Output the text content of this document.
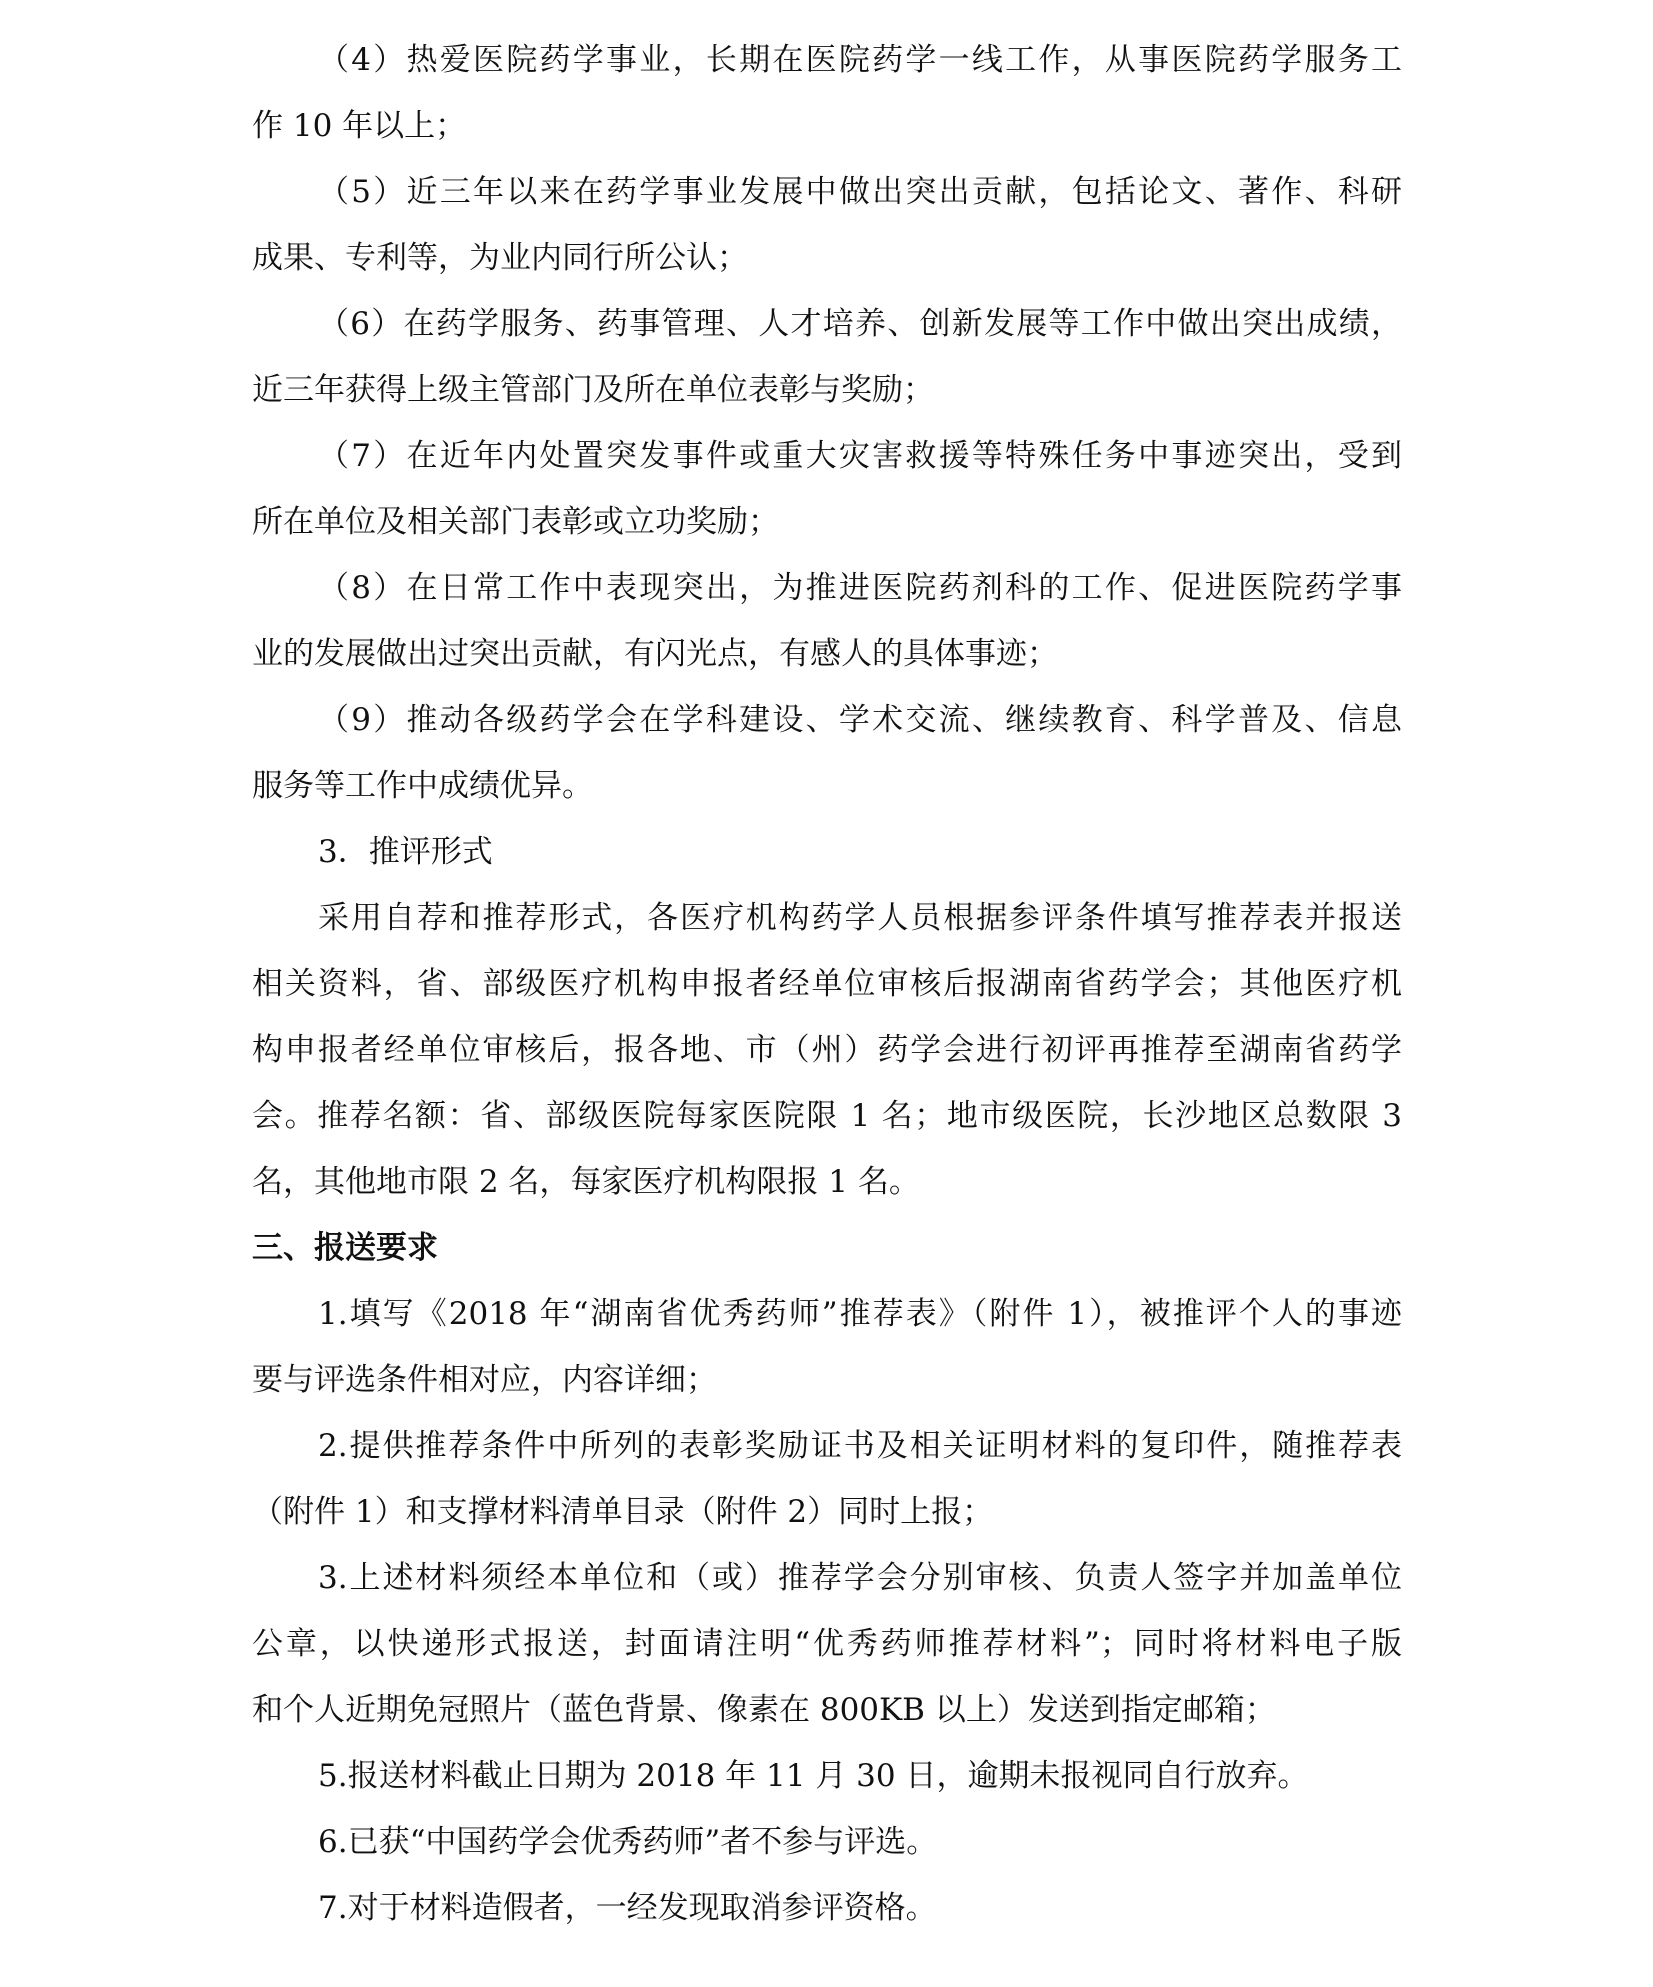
（4）热爱医院药学事业，长期在医院药学一线工作，从事医院药学服务工
作 10 年以上；
（5）近三年以来在药学事业发展中做出突出贡献，包括论文、著作、科研
成果、专利等，为业内同行所公认；
（6）在药学服务、药事管理、人才培养、创新发展等工作中做出突出成绩，
近三年获得上级主管部门及所在单位表彰与奖励；
（7）在近年内处置突发事件或重大灾害救援等特殊任务中事迹突出，受到
所在单位及相关部门表彰或立功奖励；
（8）在日常工作中表现突出，为推进医院药剂科的工作、促进医院药学事
业的发展做出过突出贡献，有闪光点，有感人的具体事迹；
（9）推动各级药学会在学科建设、学术交流、继续教育、科学普及、信息
服务等工作中成绩优异。
3．推评形式
采用自荐和推荐形式，各医疗机构药学人员根据参评条件填写推荐表并报送
相关资料，省、部级医疗机构申报者经单位审核后报湖南省药学会；其他医疗机
构申报者经单位审核后，报各地、市（州）药学会进行初评再推荐至湖南省药学
会。推荐名额：省、部级医院每家医院限 1 名；地市级医院，长沙地区总数限 3
名，其他地市限 2 名，每家医疗机构限报 1 名。
三、报送要求
1.填写《2018 年“湖南省优秀药师”推荐表》（附件 1），被推评个人的事迹
要与评选条件相对应，内容详细；
2.提供推荐条件中所列的表彰奖励证书及相关证明材料的复印件，随推荐表
（附件 1）和支撑材料清单目录（附件 2）同时上报；
3.上述材料须经本单位和（或）推荐学会分别审核、负责人签字并加盖单位
公章，以快递形式报送，封面请注明“优秀药师推荐材料”；同时将材料电子版
和个人近期免冠照片（蓝色背景、像素在 800KB 以上）发送到指定邮箱；
5.报送材料截止日期为 2018 年 11 月 30 日，逾期未报视同自行放弃。
6.已获“中国药学会优秀药师”者不参与评选。
7.对于材料造假者，一经发现取消参评资格。
